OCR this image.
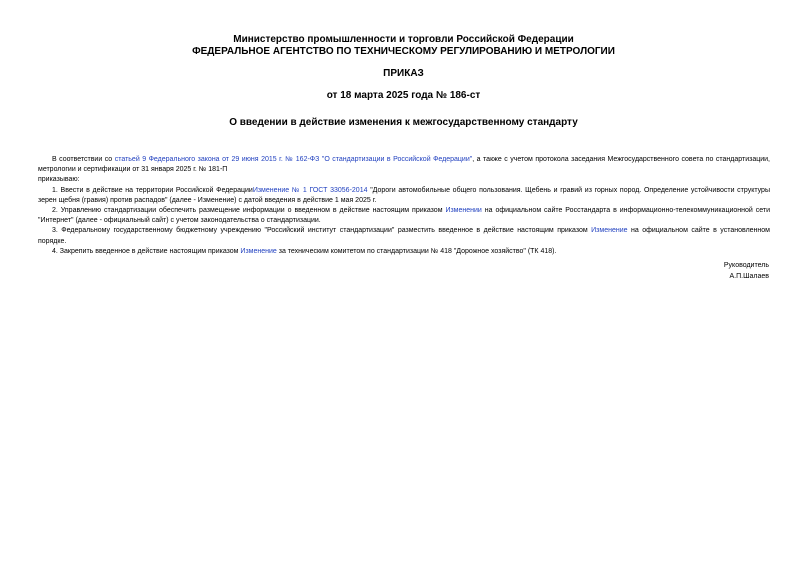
Министерство промышленности и торговли Российской Федерации
ФЕДЕРАЛЬНОЕ АГЕНТСТВО ПО ТЕХНИЧЕСКОМУ РЕГУЛИРОВАНИЮ И МЕТРОЛОГИИ
ПРИКАЗ
от 18 марта 2025 года № 186-ст
О введении в действие изменения к межгосударственному стандарту

В соответствии со статьей 9 Федерального закона от 29 июня 2015 г. № 162-ФЗ "О стандартизации в Российской Федерации", а также с учетом протокола заседания Межгосударственного совета по стандартизации, метрологии и сертификации от 31 января 2025 г. № 181-П

приказываю:

1. Ввести в действие на территории Российской ФедерацииИзменение № 1 ГОСТ 33056-2014 "Дороги автомобильные общего пользования. Щебень и гравий из горных пород. Определение устойчивости структуры зерен щебня (гравия) против распадов" (далее - Изменение) с датой введения в действие 1 мая 2025 г.

2. Управлению стандартизации обеспечить размещение информации о введенном в действие настоящим приказом Изменении на официальном сайте Росстандарта в информационно-телекоммуникационной сети "Интернет" (далее - официальный сайт) с учетом законодательства о стандартизации.

3. Федеральному государственному бюджетному учреждению "Российский институт стандартизации" разместить введенное в действие настоящим приказом Изменение на официальном сайте в установленном порядке.

4. Закрепить введенное в действие настоящим приказом Изменение за техническим комитетом по стандартизации № 418 "Дорожное хозяйство" (ТК 418).

Руководитель
А.П.Шалаев
